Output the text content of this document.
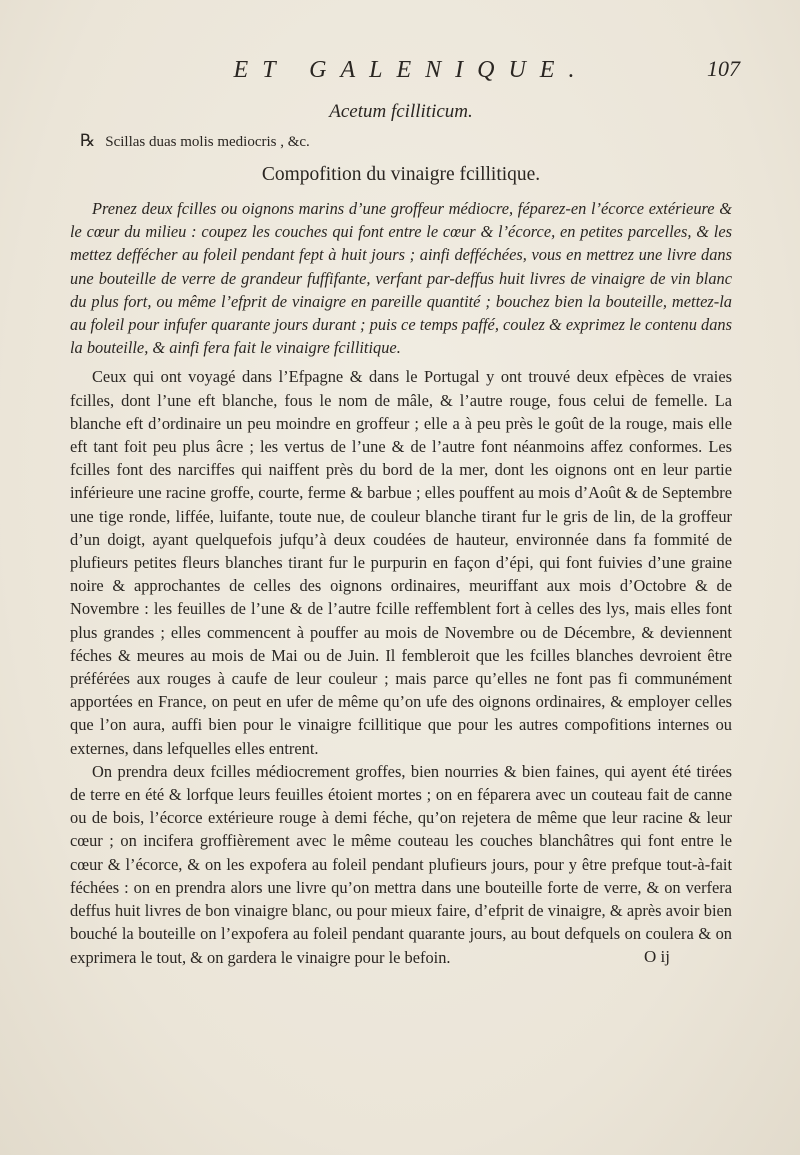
ET GALENIQUE.	107
Acetum fcilliticum.
℞ Scillas duas molis mediocris , &c.
Compofition du vinaigre fcillitique.

Prenez deux fcilles ou oignons marins d’une groffeur médiocre, féparez-en l’écorce extérieure & le cœur du milieu : coupez les couches qui font entre le cœur & l’écorce, en petites parcelles, & les mettez deffécher au foleil pendant fept à huit jours ; ainfi defféchées, vous en mettrez une livre dans une bouteille de verre de grandeur fuffifante, verfant par-deffus huit livres de vinaigre de vin blanc du plus fort, ou même l’efprit de vinaigre en pareille quantité ; bouchez bien la bouteille, mettez-la au foleil pour infufer quarante jours durant ; puis ce temps paffé, coulez & exprimez le contenu dans la bouteille, & ainfi fera fait le vinaigre fcillitique.

Ceux qui ont voyagé dans l’Efpagne & dans le Portugal y ont trouvé deux efpèces de vraies fcilles, dont l’une eft blanche, fous le nom de mâle, & l’autre rouge, fous celui de femelle. La blanche eft d’ordinaire un peu moindre en groffeur ; elle a à peu près le goût de la rouge, mais elle eft tant foit peu plus âcre ; les vertus de l’une & de l’autre font néanmoins affez conformes. Les fcilles font des narciffes qui naiffent près du bord de la mer, dont les oignons ont en leur partie inférieure une racine groffe, courte, ferme & barbue ; elles pouffent au mois d’Août & de Septembre une tige ronde, liffée, luifante, toute nue, de couleur blanche tirant fur le gris de lin, de la groffeur d’un doigt, ayant quelquefois jufqu’à deux coudées de hauteur, environnée dans fa fommité de plufieurs petites fleurs blanches tirant fur le purpurin en façon d’épi, qui font fuivies d’une graine noire & approchantes de celles des oignons ordinaires, meuriffant aux mois d’Octobre & de Novembre : les feuilles de l’une & de l’autre fcille reffemblent fort à celles des lys, mais elles font plus grandes ; elles commencent à pouffer au mois de Novembre ou de Décembre, & deviennent féches & meures au mois de Mai ou de Juin. Il fembleroit que les fcilles blanches devroient être préférées aux rouges à caufe de leur couleur ; mais parce qu’elles ne font pas fi communément apportées en France, on peut en ufer de même qu’on ufe des oignons ordinaires, & employer celles que l’on aura, auffi bien pour le vinaigre fcillitique que pour les autres compofitions internes ou externes, dans lefquelles elles entrent.

On prendra deux fcilles médiocrement groffes, bien nourries & bien faines, qui ayent été tirées de terre en été & lorfque leurs feuilles étoient mortes ; on en féparera avec un couteau fait de canne ou de bois, l’écorce extérieure rouge à demi féche, qu’on rejetera de même que leur racine & leur cœur ; on incifera groffièrement avec le même couteau les couches blanchâtres qui font entre le cœur & l’écorce, & on les expofera au foleil pendant plufieurs jours, pour y être prefque tout-à-fait féchées : on en prendra alors une livre qu’on mettra dans une bouteille forte de verre, & on verfera deffus huit livres de bon vinaigre blanc, ou pour mieux faire, d’efprit de vinaigre, & après avoir bien bouché la bouteille on l’expofera au foleil pendant quarante jours, au bout defquels on coulera & on exprimera le tout, & on gardera le vinaigre pour le befoin.	O ij
